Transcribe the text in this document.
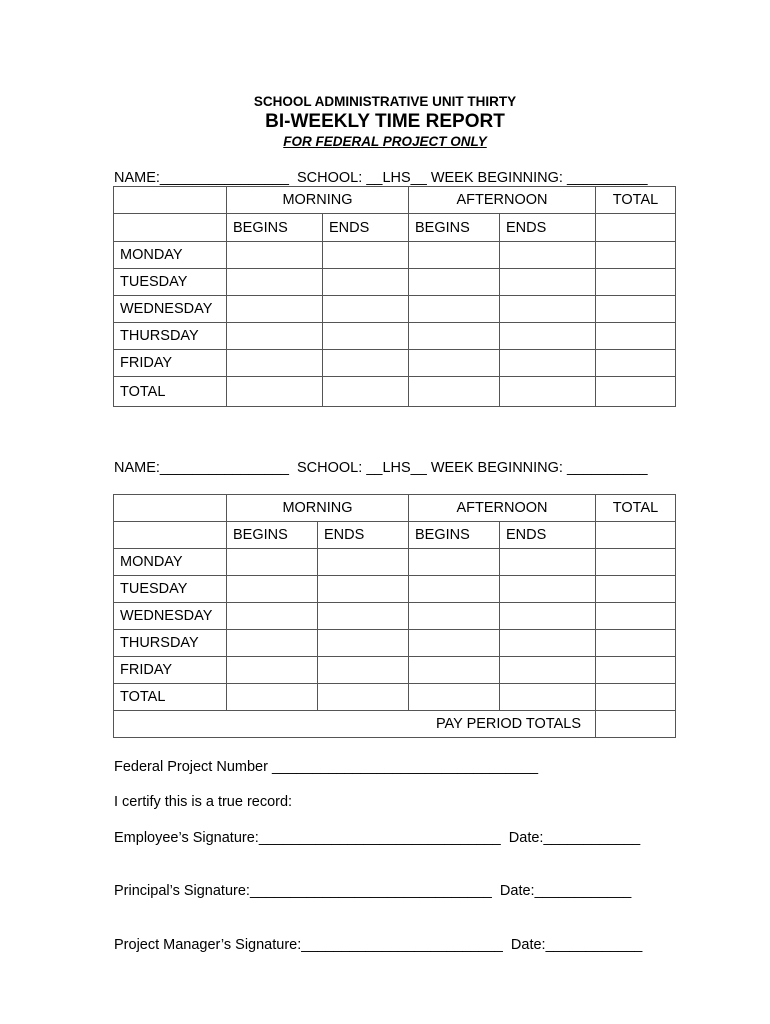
SCHOOL ADMINISTRATIVE UNIT THIRTY
BI-WEEKLY TIME REPORT
FOR FEDERAL PROJECT ONLY
NAME:________________ SCHOOL: __LHS__ WEEK BEGINNING: __________
	MORNING		AFTERNOON		TOTAL
	BEGINS	ENDS	BEGINS	ENDS	
MONDAY					
TUESDAY					
WEDNESDAY					
THURSDAY					
FRIDAY					
TOTAL					
NAME:________________ SCHOOL: __LHS__ WEEK BEGINNING: __________
	MORNING		AFTERNOON		TOTAL
	BEGINS	ENDS	BEGINS	ENDS	
MONDAY					
TUESDAY					
WEDNESDAY					
THURSDAY					
FRIDAY					
TOTAL					
PAY PERIOD TOTALS					
Federal Project Number _________________________________
I certify this is a true record:
Employee’s Signature:______________________________  Date:____________
Principal’s Signature:______________________________  Date:____________
Project Manager’s Signature:_________________________  Date:____________
